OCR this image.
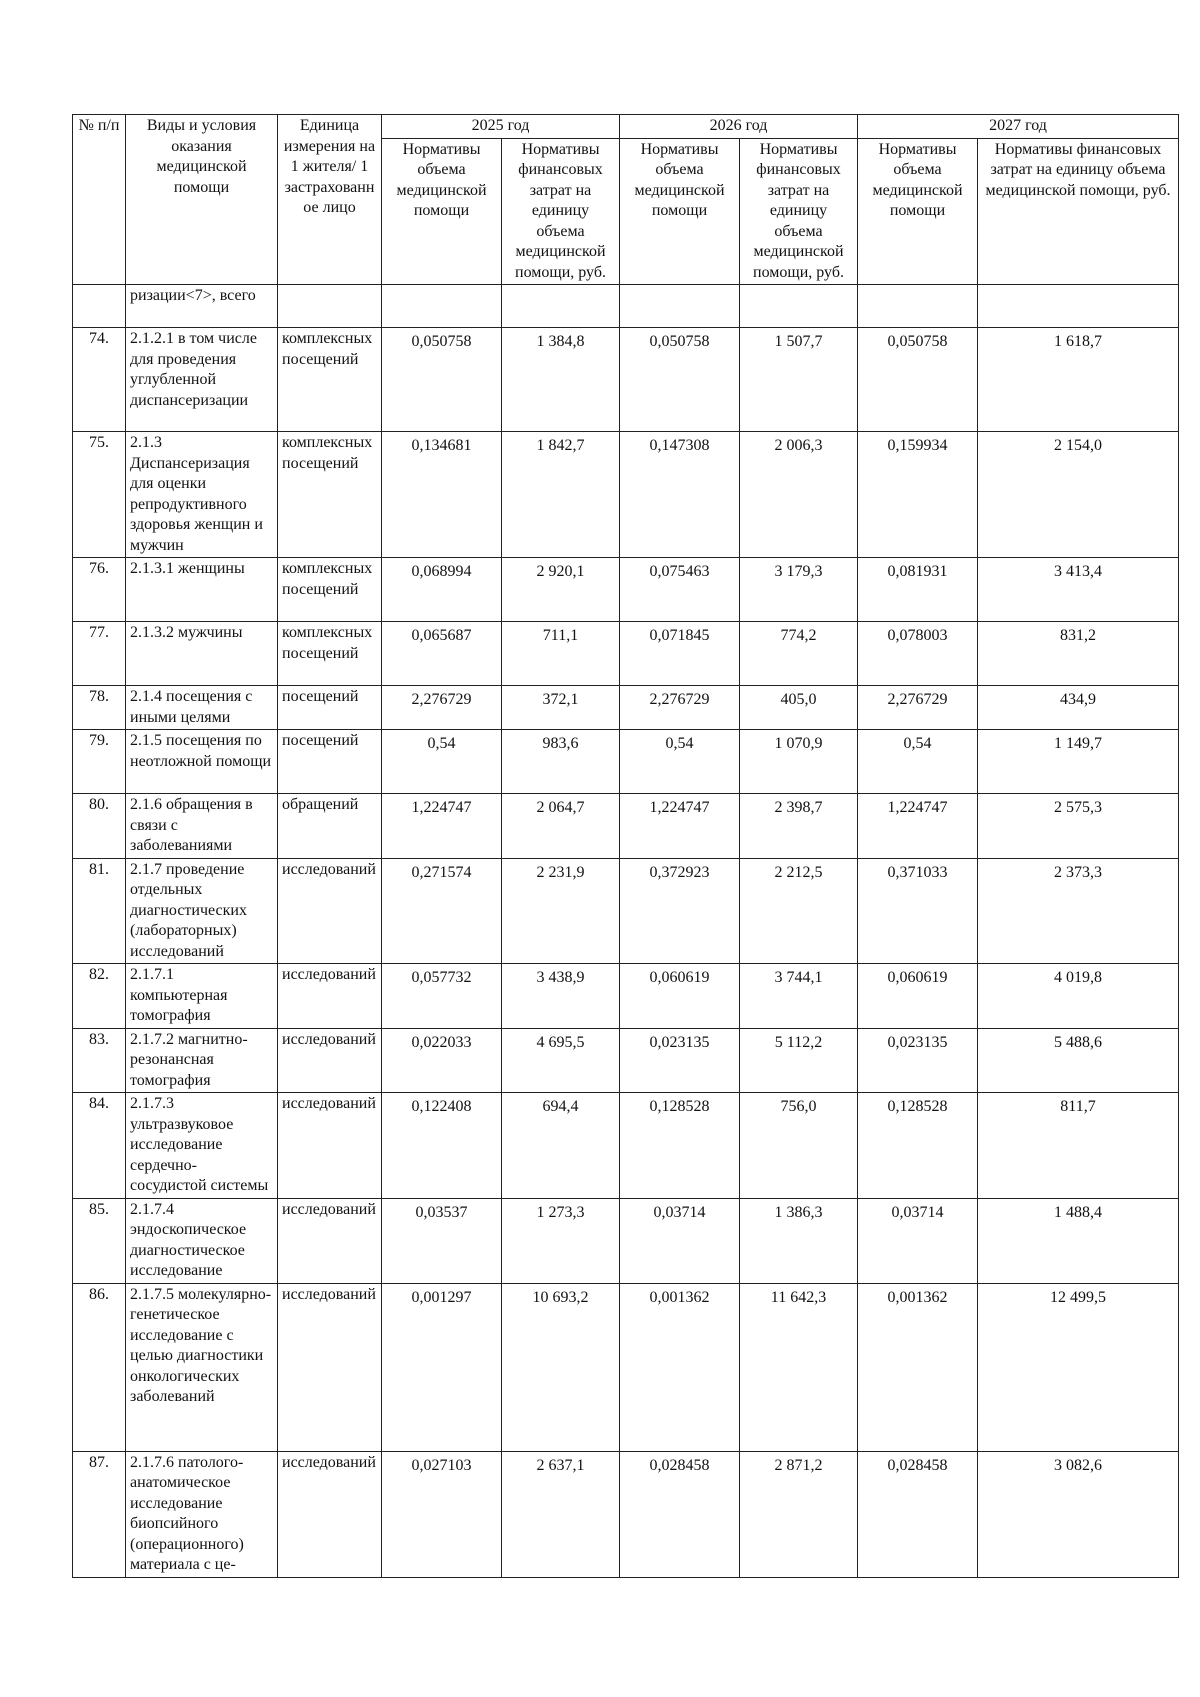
№ п/п	Виды и условия оказания медицинской помощи	Единица измерения на 1 жителя/ 1 застрахованное лицо	2025 год		2026 год		2027 год	
			Нормативы объема медицинской помощи	Нормативы финансовых затрат на единицу объема медицинской помощи, руб.	Нормативы объема медицинской помощи	Нормативы финансовых затрат на единицу объема медицинской помощи, руб.	Нормативы объема медицинской помощи	Нормативы финансовых затрат на единицу объема медицинской помощи, руб.
	ризации<7>, всего							
74.	2.1.2.1 в том числе для проведения углубленной диспансеризации	комплексных посещений	0,050758	1 384,8	0,050758	1 507,7	0,050758	1 618,7
75.	2.1.3 Диспансеризация для оценки репродуктивного здоровья женщин и мужчин	комплексных посещений	0,134681	1 842,7	0,147308	2 006,3	0,159934	2 154,0
76.	2.1.3.1 женщины	комплексных посещений	0,068994	2 920,1	0,075463	3 179,3	0,081931	3 413,4
77.	2.1.3.2 мужчины	комплексных посещений	0,065687	711,1	0,071845	774,2	0,078003	831,2
78.	2.1.4 посещения с иными целями	посещений	2,276729	372,1	2,276729	405,0	2,276729	434,9
79.	2.1.5 посещения по неотложной помощи	посещений	0,54	983,6	0,54	1 070,9	0,54	1 149,7
80.	2.1.6 обращения в связи с заболеваниями	обращений	1,224747	2 064,7	1,224747	2 398,7	1,224747	2 575,3
81.	2.1.7 проведение отдельных диагностических (лабораторных) исследований	исследований	0,271574	2 231,9	0,372923	2 212,5	0,371033	2 373,3
82.	2.1.7.1 компьютерная томография	исследований	0,057732	3 438,9	0,060619	3 744,1	0,060619	4 019,8
83.	2.1.7.2 магнитно-резонансная томография	исследований	0,022033	4 695,5	0,023135	5 112,2	0,023135	5 488,6
84.	2.1.7.3 ультразвуковое исследование сердечно-сосудистой системы	исследований	0,122408	694,4	0,128528	756,0	0,128528	811,7
85.	2.1.7.4 эндоскопическое диагностическое исследование	исследований	0,03537	1 273,3	0,03714	1 386,3	0,03714	1 488,4
86.	2.1.7.5 молекулярно-генетическое исследование с целью диагностики онкологических заболеваний	исследований	0,001297	10 693,2	0,001362	11 642,3	0,001362	12 499,5
87.	2.1.7.6 патолого-анатомическое исследование биопсийного (операционного) материала с це-	исследований	0,027103	2 637,1	0,028458	2 871,2	0,028458	3 082,6
